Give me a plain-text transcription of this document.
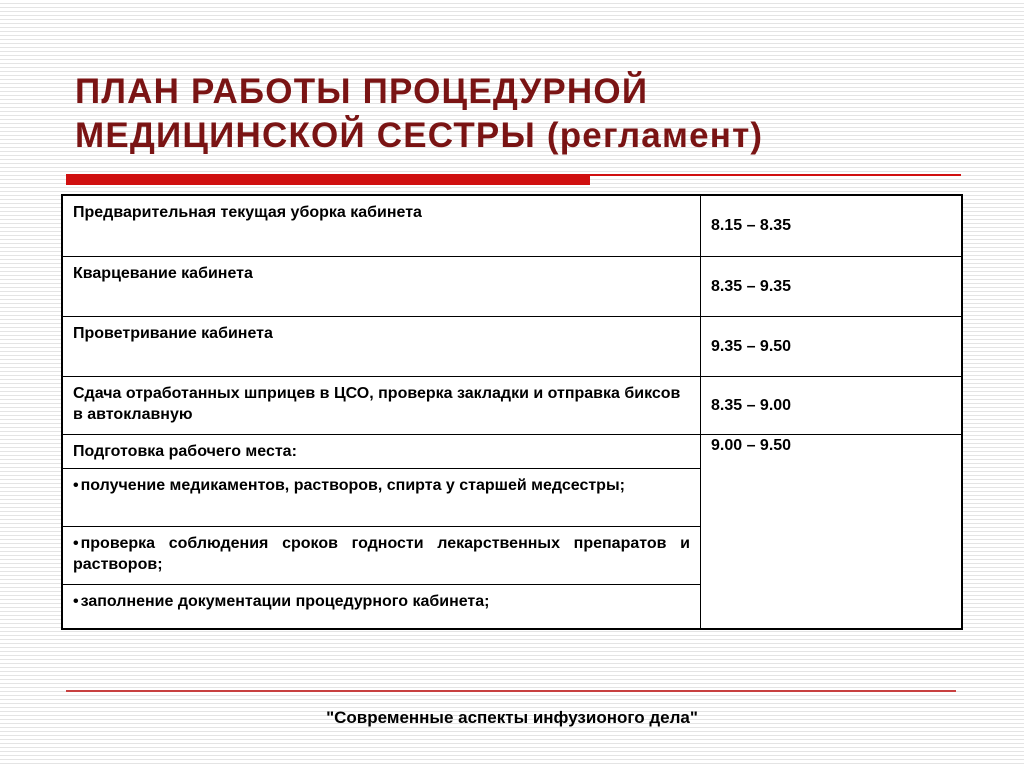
ПЛАН РАБОТЫ ПРОЦЕДУРНОЙ
МЕДИЦИНСКОЙ СЕСТРЫ (регламент)
Предварительная текущая уборка кабинета	8.15 – 8.35
Кварцевание кабинета	8.35 – 9.35
Проветривание кабинета	9.35 – 9.50
Сдача отработанных шприцев в ЦСО, проверка закладки и отправка биксов в автоклавную	8.35 – 9.00
Подготовка рабочего места:	9.00 – 9.50
• получение медикаментов, растворов, спирта у старшей медсестры;	
• проверка соблюдения сроков годности лекарственных препаратов и растворов;	
• заполнение документации процедурного кабинета;	

"Современные аспекты инфузионого дела"
